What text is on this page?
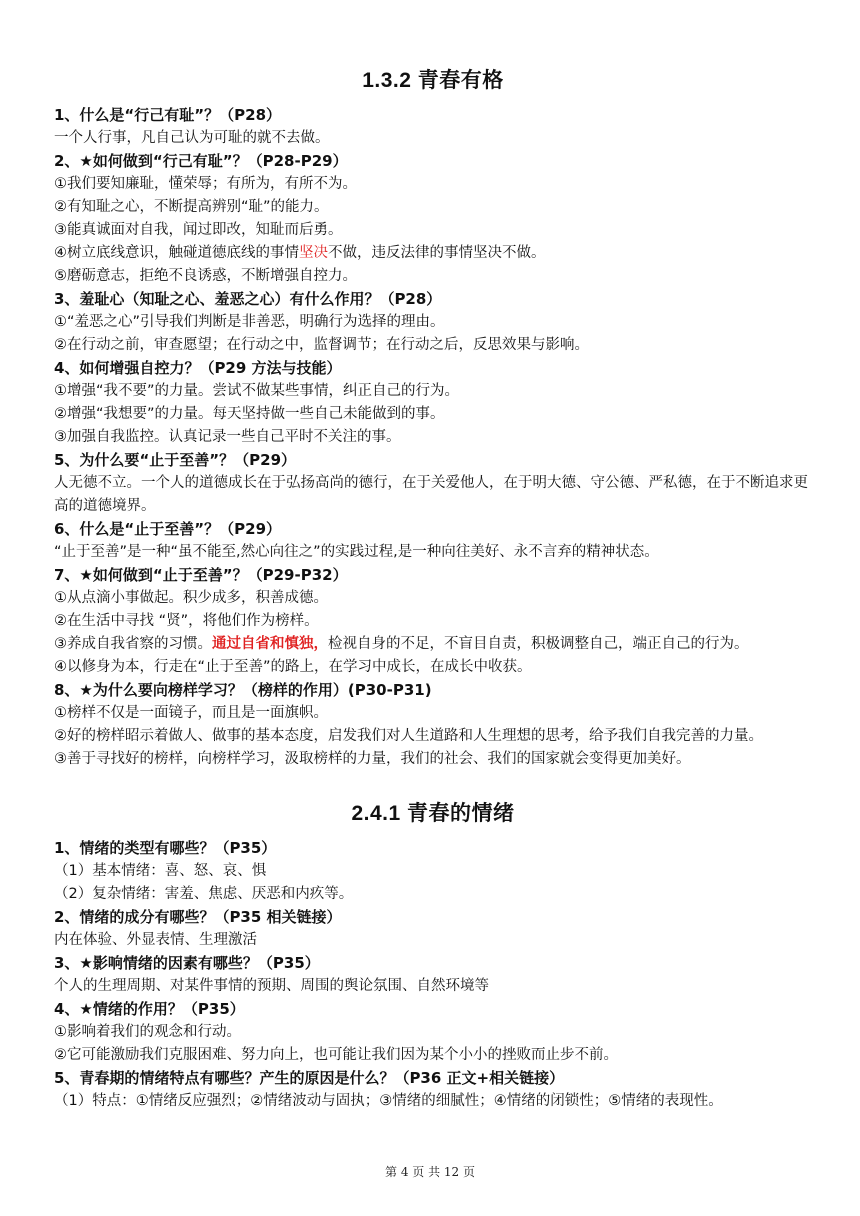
1.3.2 青春有格

1、什么是“行己有耻”？（P28）

一个人行事，凡自己认为可耻的就不去做。

2、★如何做到“行己有耻”？（P28-P29）

①我们要知廉耻，懂荣辱；有所为，有所不为。

②有知耻之心，不断提高辨别“耻”的能力。

③能真诚面对自我，闻过即改，知耻而后勇。

④树立底线意识，触碰道德底线的事情坚决不做，违反法律的事情坚决不做。

⑤磨砺意志，拒绝不良诱惑，不断增强自控力。

3、羞耻心（知耻之心、羞恶之心）有什么作用？（P28）

①“羞恶之心”引导我们判断是非善恶，明确行为选择的理由。

②在行动之前，审查愿望；在行动之中，监督调节；在行动之后，反思效果与影响。

4、如何增强自控力？（P29 方法与技能）

①增强“我不要”的力量。尝试不做某些事情，纠正自己的行为。

②增强“我想要”的力量。每天坚持做一些自己未能做到的事。

③加强自我监控。认真记录一些自己平时不关注的事。

5、为什么要“止于至善”？（P29）

人无德不立。一个人的道德成长在于弘扬高尚的德行，在于关爱他人，在于明大德、守公德、严私德，在于不断追求更高的道德境界。

6、什么是“止于至善”？（P29）

“止于至善”是一种“虽不能至,然心向往之”的实践过程,是一种向往美好、永不言弃的精神状态。

7、★如何做到“止于至善”？（P29-P32）

①从点滴小事做起。积少成多，积善成德。

②在生活中寻找 “贤”，将他们作为榜样。

③养成自我省察的习惯。通过自省和慎独，检视自身的不足，不盲目自责，积极调整自己，端正自己的行为。

④以修身为本，行走在“止于至善”的路上，在学习中成长，在成长中收获。

8、★为什么要向榜样学习？（榜样的作用）(P30-P31)

①榜样不仅是一面镜子，而且是一面旗帜。

②好的榜样昭示着做人、做事的基本态度，启发我们对人生道路和人生理想的思考，给予我们自我完善的力量。

③善于寻找好的榜样，向榜样学习，汲取榜样的力量，我们的社会、我们的国家就会变得更加美好。

2.4.1 青春的情绪

1、情绪的类型有哪些？（P35）

（1）基本情绪：喜、怒、哀、惧

（2）复杂情绪：害羞、焦虑、厌恶和内疚等。

2、情绪的成分有哪些？（P35 相关链接）

内在体验、外显表情、生理激活

3、★影响情绪的因素有哪些？（P35）

个人的生理周期、对某件事情的预期、周围的舆论氛围、自然环境等

4、★情绪的作用？（P35）

①影响着我们的观念和行动。

②它可能激励我们克服困难、努力向上，也可能让我们因为某个小小的挫败而止步不前。

5、青春期的情绪特点有哪些？产生的原因是什么？（P36 正文+相关链接）

（1）特点：①情绪反应强烈；②情绪波动与固执；③情绪的细腻性；④情绪的闭锁性；⑤情绪的表现性。

第 4 页 共 12 页
